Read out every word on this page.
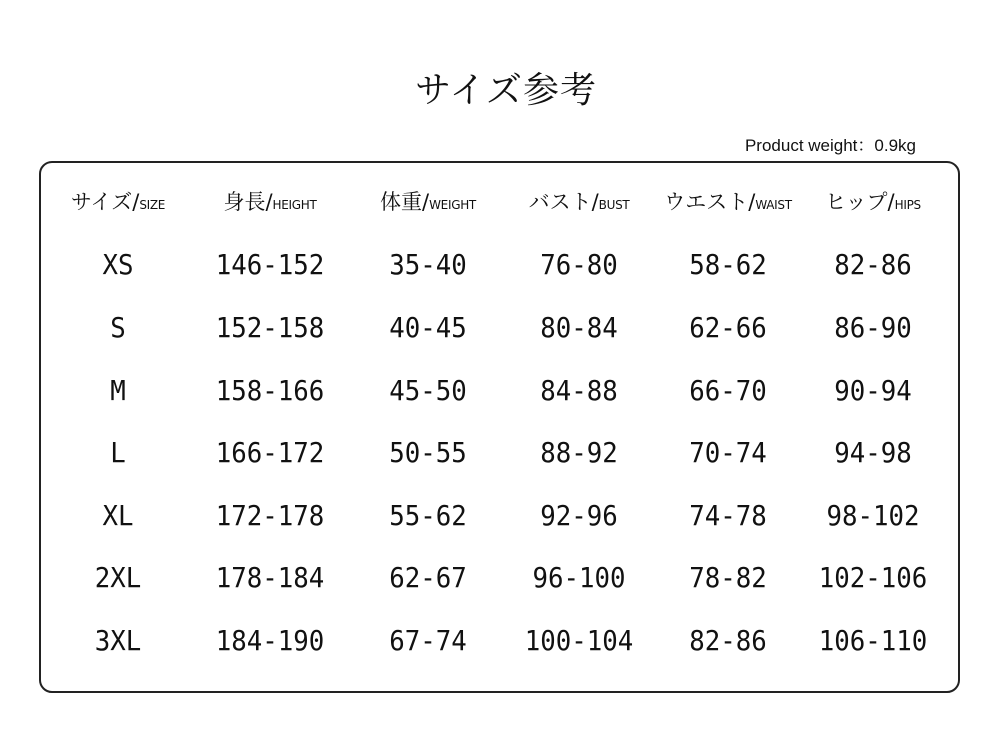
サイズ参考
Product weight：0.9kg
サイズ/SIZE	身長/HEIGHT	体重/WEIGHT	バスト/BUST	ウエスト/WAIST	ヒップ/HIPS
XS	146-152	35-40	76-80	58-62	82-86
S	152-158	40-45	80-84	62-66	86-90
M	158-166	45-50	84-88	66-70	90-94
L	166-172	50-55	88-92	70-74	94-98
XL	172-178	55-62	92-96	74-78	98-102
2XL	178-184	62-67	96-100	78-82	102-106
3XL	184-190	67-74	100-104	82-86	106-110
